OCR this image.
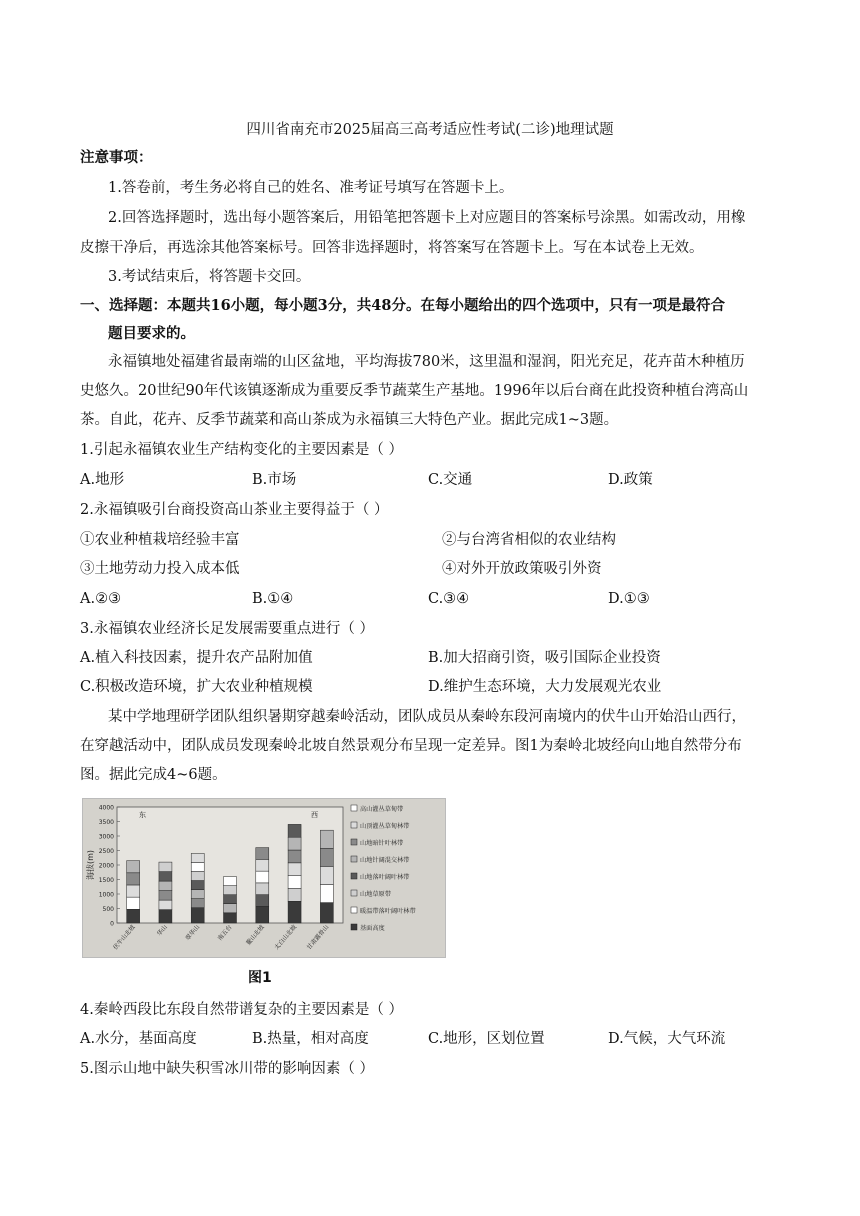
四川省南充市2025届高三高考适应性考试(二诊)地理试题
注意事项：
1.答卷前，考生务必将自己的姓名、准考证号填写在答题卡上。
2.回答选择题时，选出每小题答案后，用铅笔把答题卡上对应题目的答案标号涂黑。如需改动，用橡
皮擦干净后，再选涂其他答案标号。回答非选择题时，将答案写在答题卡上。写在本试卷上无效。
3.考试结束后，将答题卡交回。
一、选择题：本题共16小题，每小题3分，共48分。在每小题给出的四个选项中，只有一项是最符合
题目要求的。
永福镇地处福建省最南端的山区盆地，平均海拔780米，这里温和湿润，阳光充足，花卉苗木种植历
史悠久。20世纪90年代该镇逐渐成为重要反季节蔬菜生产基地。1996年以后台商在此投资种植台湾高山
茶。自此，花卉、反季节蔬菜和高山茶成为永福镇三大特色产业。据此完成1~3题。
1.引起永福镇农业生产结构变化的主要因素是（ ）
A.地形	B.市场	C.交通	D.政策
2.永福镇吸引台商投资高山茶业主要得益于（ ）
①农业种植栽培经验丰富	②与台湾省相似的农业结构
③土地劳动力投入成本低	④对外开放政策吸引外资
A.②③	B.①④	C.③④	D.①③
3.永福镇农业经济长足发展需要重点进行（ ）
A.植入科技因素，提升农产品附加值	B.加大招商引资，吸引国际企业投资
C.积极改造环境，扩大农业种植规模	D.维护生态环境，大力发展观光农业
某中学地理研学团队组织暑期穿越秦岭活动，团队成员从秦岭东段河南境内的伏牛山开始沿山西行，
在穿越活动中，团队成员发现秦岭北坡自然景观分布呈现一定差异。图1为秦岭北坡经向山地自然带分布
图。据此完成4~6题。
海拔(m)
0
500
1000
1500
2000
2500
3000
3500
4000
伏牛山北坡	华山	翠华山	南五台 鳌山北坡 太白山北坡 甘肃露骨山
东	西
高山灌丛草甸带
山顶灌丛草甸林带
山地暗针叶林带
山地针阔混交林带
山地落叶阔叶林带
山地草原带
暖温带落叶阔叶林带
基面高度
图1
4.秦岭西段比东段自然带谱复杂的主要因素是（ ）
A.水分，基面高度	B.热量，相对高度	C.地形，区划位置	D.气候，大气环流
5.图示山地中缺失积雪冰川带的影响因素（ ）
